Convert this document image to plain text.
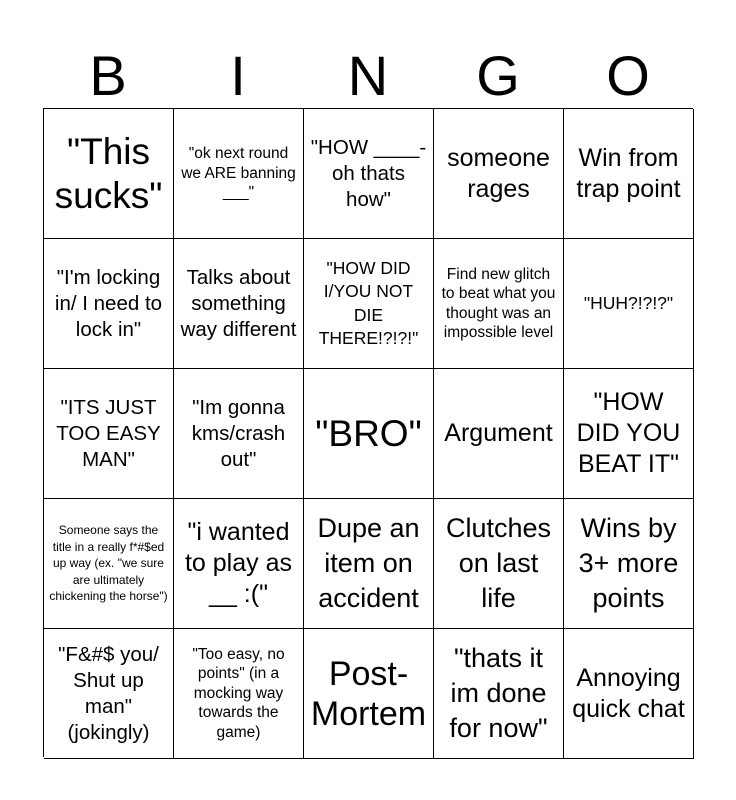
B	I	N	G	O
"This sucks"
"ok next round we ARE banning ___"
"HOW ____- oh thats how"
someone rages
Win from trap point
"I'm locking in/ I need to lock in"
Talks about something way different
"HOW DID I/YOU NOT DIE THERE!?!?!"
Find new glitch to beat what you thought was an impossible level
"HUH?!?!?"
"ITS JUST TOO EASY MAN"
"Im gonna kms/crash out"
"BRO" Argument
"HOW DID YOU BEAT IT"
Someone says the title in a really f*#$ed up way (ex. "we sure are ultimately chickening the horse")
"i wanted to play as __ :("
Dupe an item on accident
Clutches on last life
Wins by 3+ more points
"F&#$ you/ Shut up man" (jokingly)
"Too easy, no points" (in a mocking way towards the game)
Post-Mortem
"thats it im done for now"
Annoying quick chat
